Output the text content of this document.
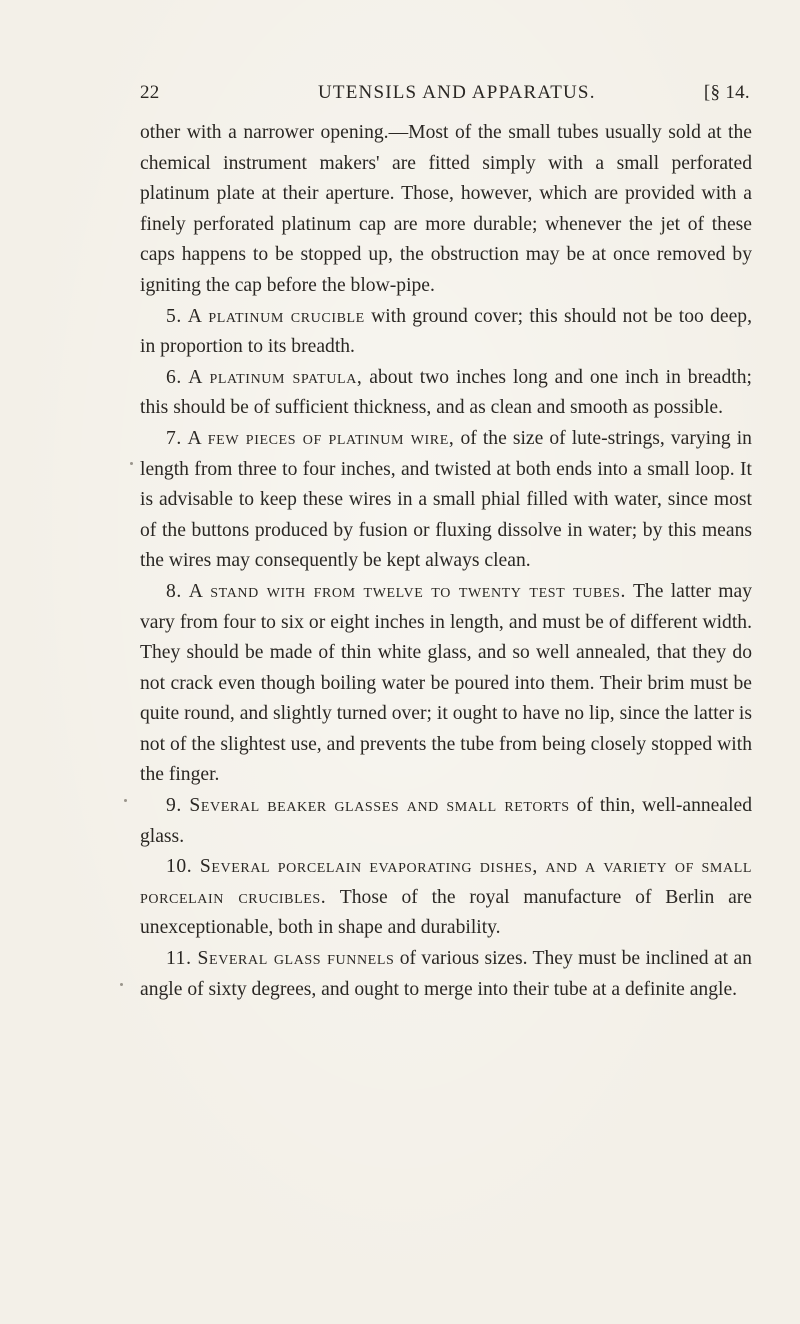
22	UTENSILS AND APPARATUS.	[§ 14.

other with a narrower opening.—Most of the small tubes usually sold at the chemical instrument makers' are fitted simply with a small perforated platinum plate at their aperture. Those, however, which are provided with a finely perforated platinum cap are more durable; whenever the jet of these caps happens to be stopped up, the obstruction may be at once removed by igniting the cap before the blow-pipe.

5. A platinum crucible with ground cover; this should not be too deep, in proportion to its breadth.

6. A platinum spatula, about two inches long and one inch in breadth; this should be of sufficient thickness, and as clean and smooth as possible.

7. A few pieces of platinum wire, of the size of lute-strings, varying in length from three to four inches, and twisted at both ends into a small loop. It is advisable to keep these wires in a small phial filled with water, since most of the buttons produced by fusion or fluxing dissolve in water; by this means the wires may consequently be kept always clean.

8. A stand with from twelve to twenty test tubes. The latter may vary from four to six or eight inches in length, and must be of different width. They should be made of thin white glass, and so well annealed, that they do not crack even though boiling water be poured into them. Their brim must be quite round, and slightly turned over; it ought to have no lip, since the latter is not of the slightest use, and prevents the tube from being closely stopped with the finger.

9. Several beaker glasses and small retorts of thin, well-annealed glass.

10. Several porcelain evaporating dishes, and a variety of small porcelain crucibles. Those of the royal manufacture of Berlin are unexceptionable, both in shape and durability.

11. Several glass funnels of various sizes. They must be inclined at an angle of sixty degrees, and ought to merge into their tube at a definite angle.
